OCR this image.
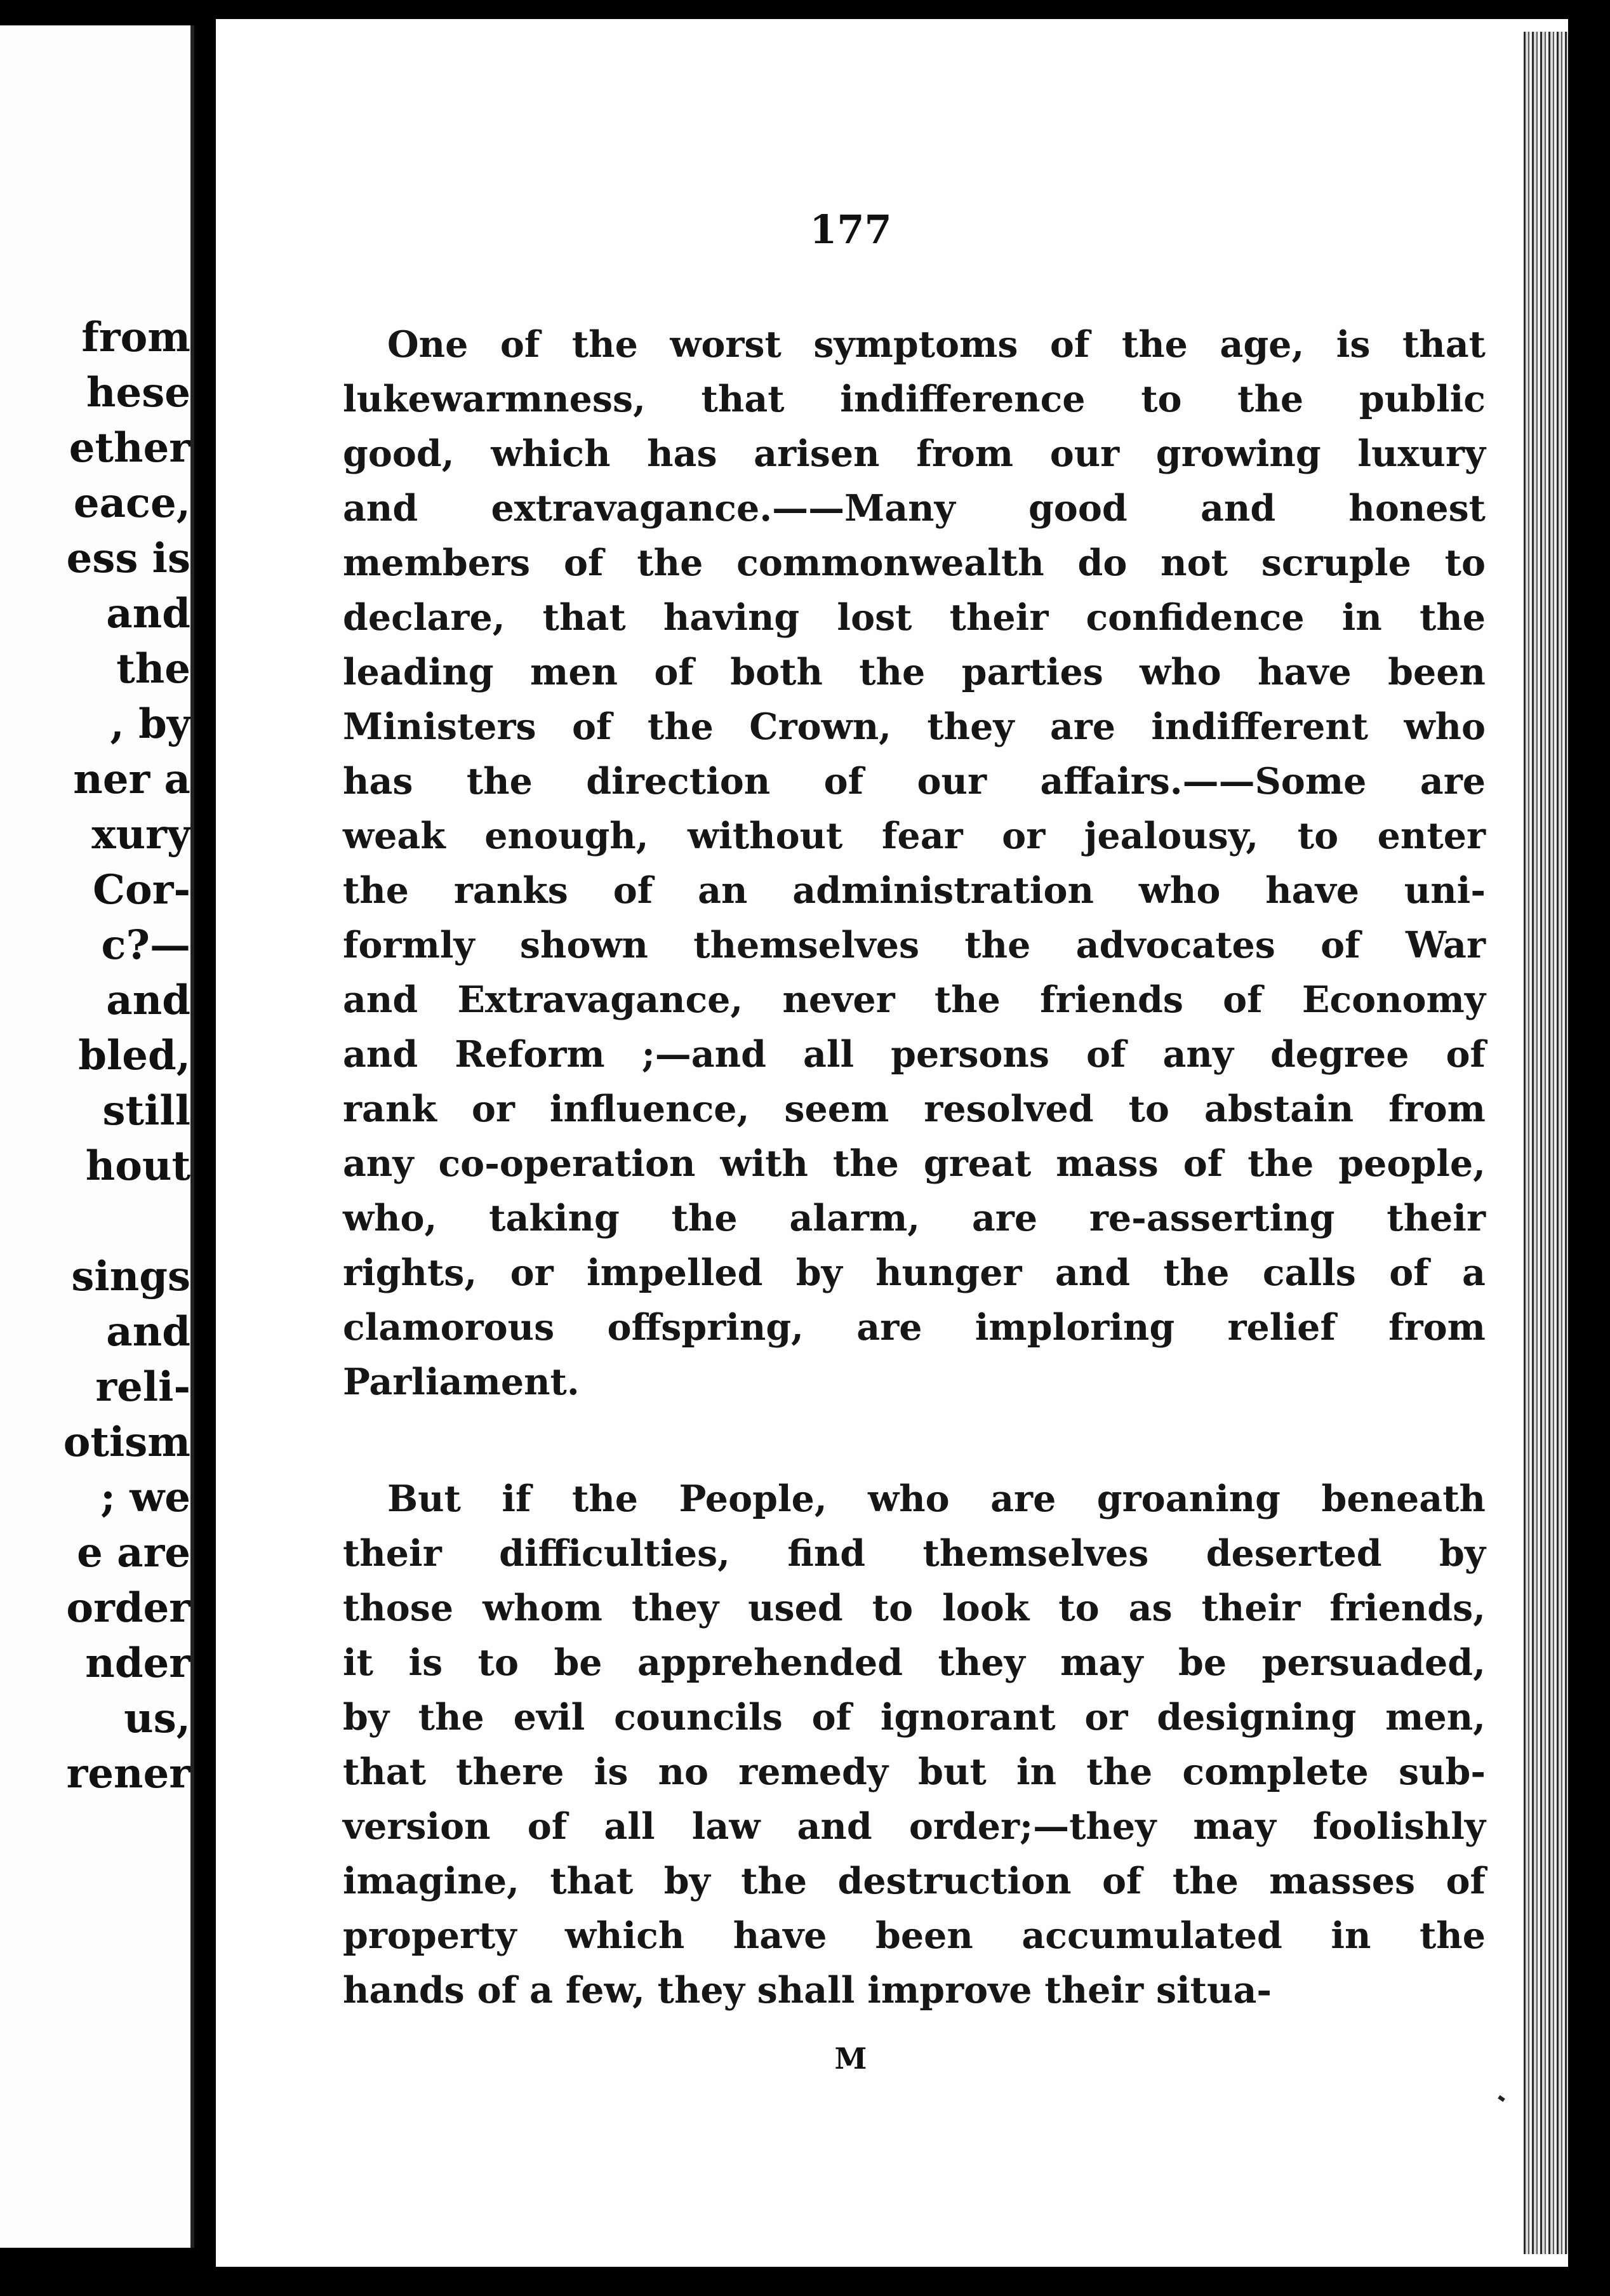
from
hese
ether
eace,
ess is
and
the
, by
ner a
xury
Cor-
c?—
and
bled,
still
hout
sings
and
reli-
otism
; we
e are
order
nder
us,
rener
177
One of the worst symptoms of the age, is that
lukewarmness, that indifference to the public
good, which has arisen from our growing luxury
and extravagance.——Many good and honest
members of the commonwealth do not scruple to
declare, that having lost their confidence in the
leading men of both the parties who have been
Ministers of the Crown, they are indifferent who
has the direction of our affairs.——Some are
weak enough, without fear or jealousy, to enter
the ranks of an administration who have uni-
formly shown themselves the advocates of War
and Extravagance, never the friends of Economy
and Reform ;—and all persons of any degree of
rank or influence, seem resolved to abstain from
any co-operation with the great mass of the people,
who, taking the alarm, are re-asserting their
rights, or impelled by hunger and the calls of a
clamorous offspring, are imploring relief from
Parliament.
But if the People, who are groaning beneath
their difficulties, find themselves deserted by
those whom they used to look to as their friends,
it is to be apprehended they may be persuaded,
by the evil councils of ignorant or designing men,
that there is no remedy but in the complete sub-
version of all law and order;—they may foolishly
imagine, that by the destruction of the masses of
property which have been accumulated in the
hands of a few, they shall improve their situa-
M
